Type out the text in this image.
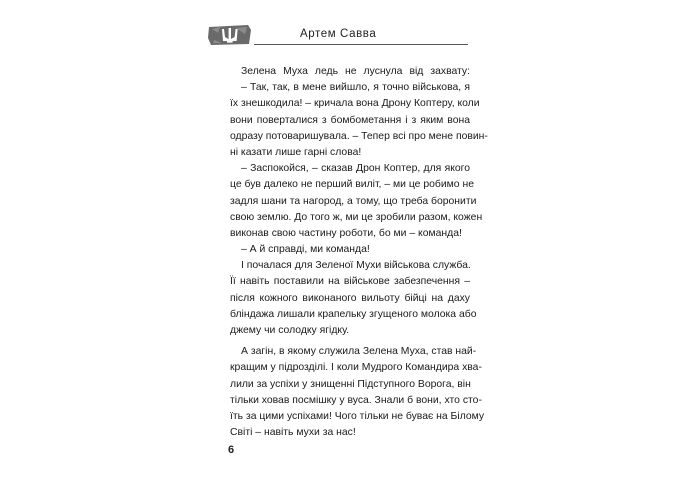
Артем Савва
Зелена Муха ледь не луснула від захвату:
– Так, так, в мене вийшло, я точно військова, я
їх знешкодила! – кричала вона Дрону Коптеру, коли
вони поверталися з бомбометання і з яким вона
одразу потоваришувала. – Тепер всі про мене повин-
ні казати лише гарні слова!
– Заспокойся, – сказав Дрон Коптер, для якого
це був далеко не перший виліт, – ми це робимо не
задля шани та нагород, а тому, що треба боронити
свою землю. До того ж, ми це зробили разом, кожен
виконав свою частину роботи, бо ми – команда!
– А й справді, ми команда!
І почалася для Зеленої Мухи військова служба.
Її навіть поставили на військове забезпечення –
після кожного виконаного вильоту бійці на даху
бліндажа лишали крапельку згущеного молока або
джему чи солодку ягідку.
А загін, в якому служила Зелена Муха, став най-
кращим у підрозділі. І коли Мудрого Командира хва-
лили за успіхи у знищенні Підступного Ворога, він
тільки ховав посмішку у вуса. Знали б вони, хто сто-
їть за цими успіхами! Чого тільки не буває на Білому
Світі – навіть мухи за нас!
6
